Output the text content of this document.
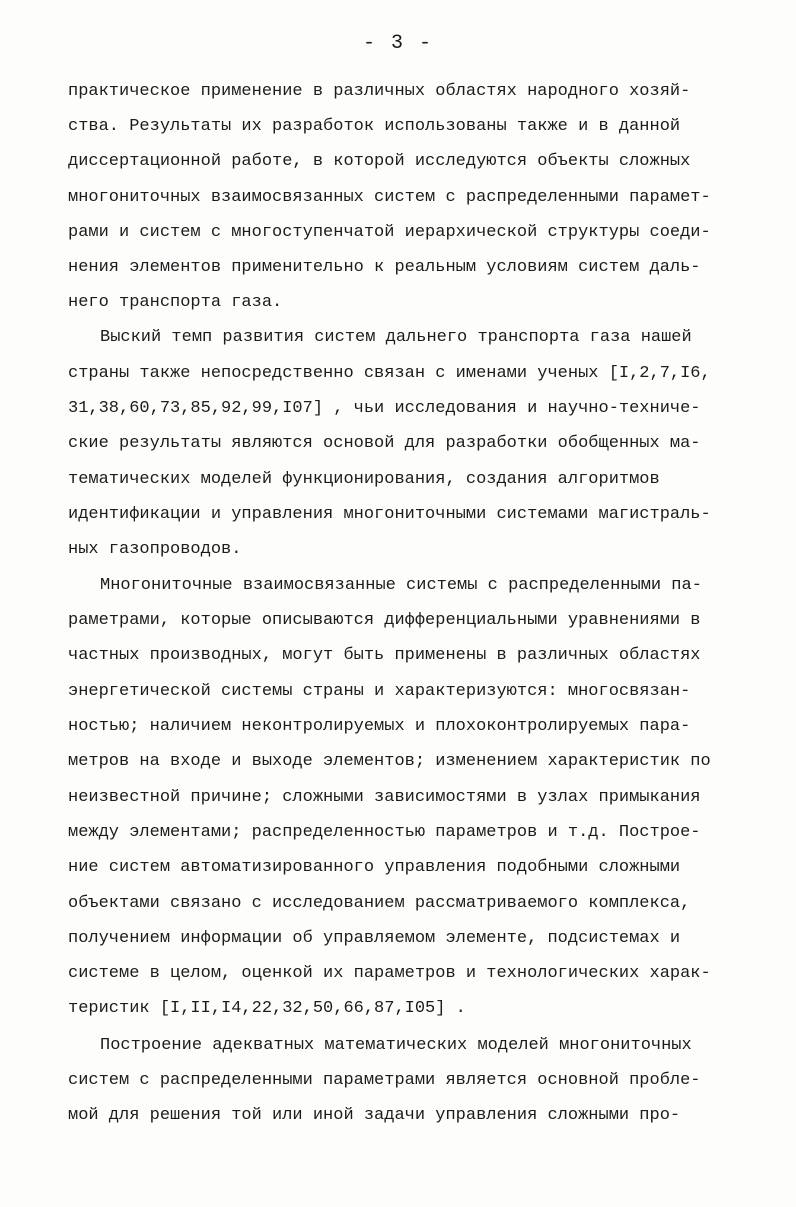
- 3 -
практическое применение в различных областях народного хозяй-
ства. Результаты их разработок использованы также и в данной
диссертационной работе, в которой исследуются объекты сложных
многониточных взаимосвязанных систем с распределенными парамет-
рами и систем с многоступенчатой иерархической структуры соеди-
нения элементов применительно к реальным условиям систем даль-
него транспорта газа.
Выский темп развития систем дальнего транспорта газа нашей
страны также непосредственно связан с именами ученых [I,2,7,I6,
31,38,60,73,85,92,99,I07] , чьи исследования и научно-техниче-
ские результаты являются основой для разработки обобщенных ма-
тематических моделей функционирования, создания алгоритмов
идентификации и управления многониточными системами магистраль-
ных газопроводов.
Многониточные взаимосвязанные системы с распределенными па-
раметрами, которые описываются дифференциальными уравнениями в
частных производных, могут быть применены в различных областях
энергетической системы страны и характеризуются: многосвязан-
ностью; наличием неконтролируемых и плохоконтролируемых пара-
метров на входе и выходе элементов; изменением характеристик по
неизвестной причине; сложными зависимостями в узлах примыкания
между элементами; распределенностью параметров и т.д. Построе-
ние систем автоматизированного управления подобными сложными
объектами связано с исследованием рассматриваемого комплекса,
получением информации об управляемом элементе, подсистемах и
системе в целом, оценкой их параметров и технологических харак-
теристик [I,II,I4,22,32,50,66,87,I05] .
Построение адекватных математических моделей многониточных
систем с распределенными параметрами является основной пробле-
мой для решения той или иной задачи управления сложными про-
